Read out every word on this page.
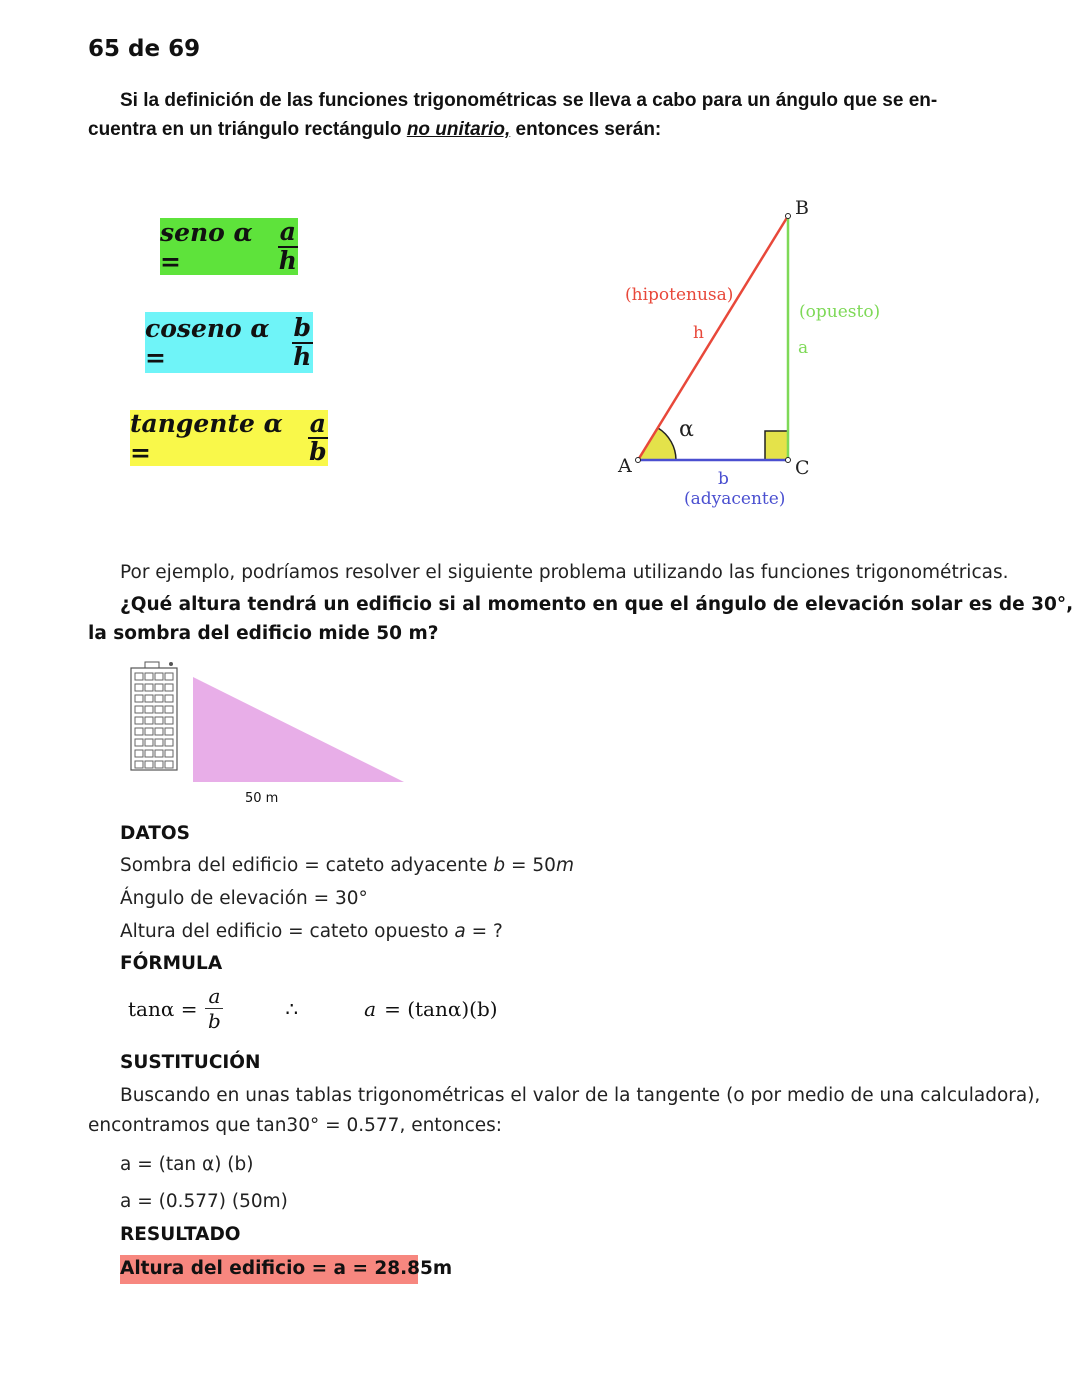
65 de 69
Si la definición de las funciones trigonométricas se lleva a cabo para un ángulo que se en-
cuentra en un triángulo rectángulo no unitario, entonces serán:
seno α =	$\frac{a}{h}$
coseno α =	$\frac{b}{h}$
tangente α =	$\frac{a}{b}$
B
A	C
(hipotenusa)
h
(opuesto)
a
α
b
(adyacente)
Por ejemplo, podríamos resolver el siguiente problema utilizando las funciones trigonométricas.
¿Qué altura tendrá un edificio si al momento en que el ángulo de elevación solar es de 30°,
la sombra del edificio mide 50 m?
50 m
DATOS
Sombra del edificio = cateto adyacente b = 50m
Ángulo de elevación = 30°
Altura del edificio = cateto opuesto a = ?
FÓRMULA
$\tan\alpha = \frac{a}{b}$	∴	a = (tanα)(b)
SUSTITUCIÓN
Buscando en unas tablas trigonométricas el valor de la tangente (o por medio de una calculadora),
encontramos que tan30° = 0.577, entonces:
a = (tan α) (b)
a = (0.577) (50m)
RESULTADO
Altura del edificio = a = 28.85m
